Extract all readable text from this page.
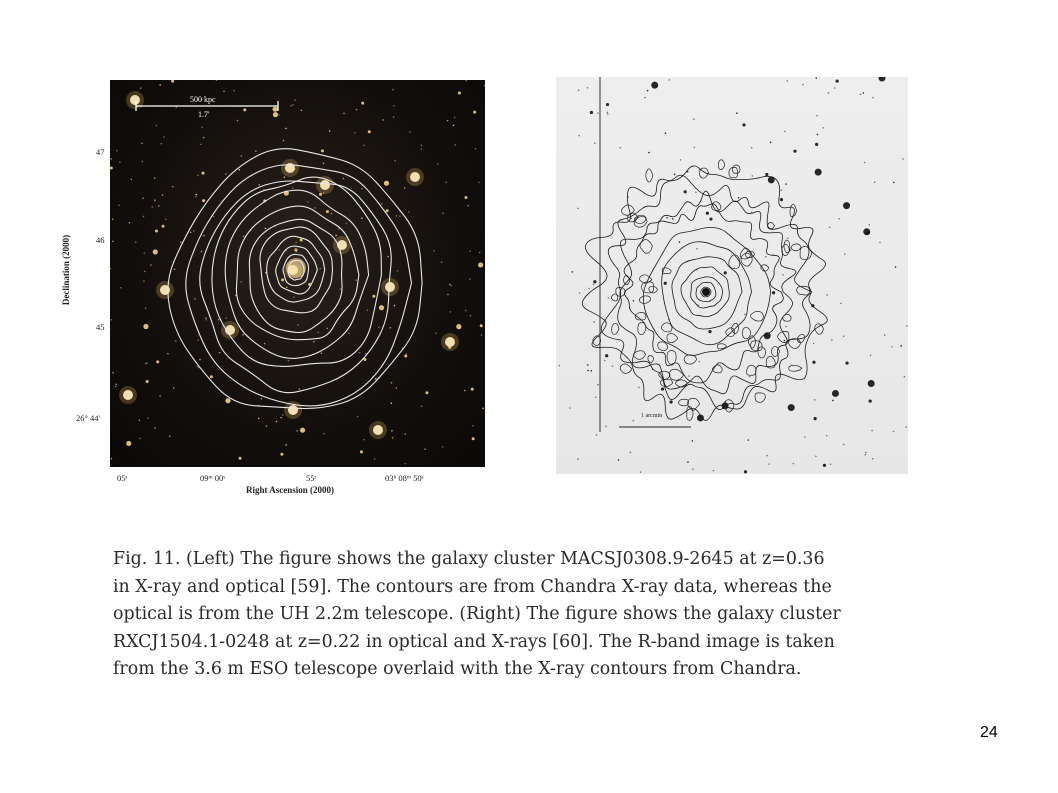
500 kpc
1.7'
47
46
45
26° 44'
Declination (2000)
05ˢ	09ᵐ 00ˢ	55ˢ	03ʰ 08ᵐ 50ˢ
Right Ascension (2000)
1 arcmin
Fig. 11. (Left) The figure shows the galaxy cluster MACSJ0308.9-2645 at z=0.36
in X-ray and optical [59]. The contours are from Chandra X-ray data, whereas the
optical is from the UH 2.2m telescope. (Right) The figure shows the galaxy cluster
RXCJ1504.1-0248 at z=0.22 in optical and X-rays [60]. The R-band image is taken
from the 3.6 m ESO telescope overlaid with the X-ray contours from Chandra.
24
